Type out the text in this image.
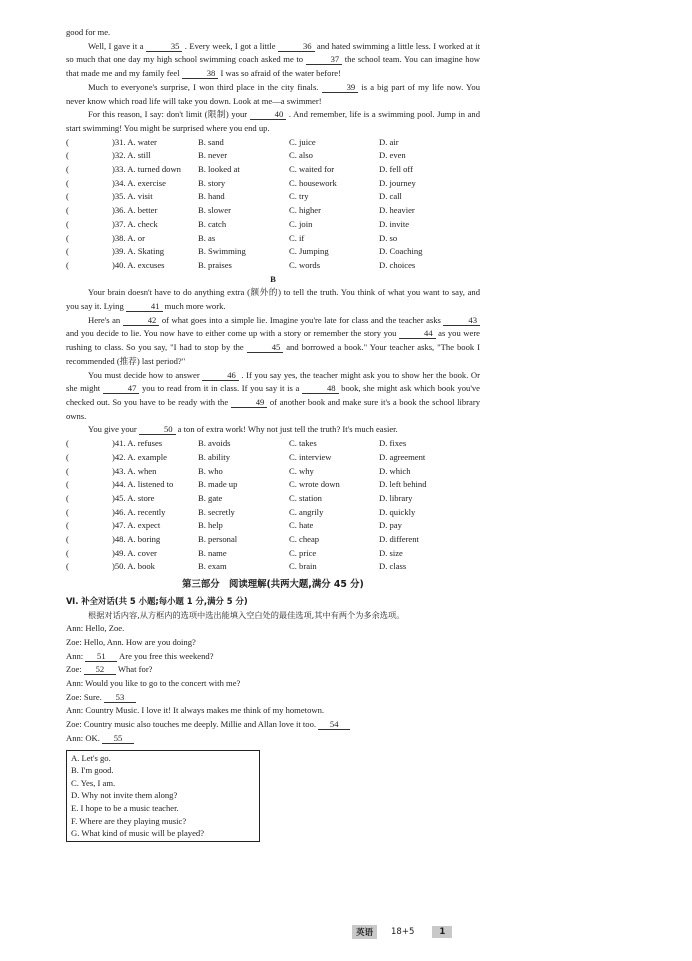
good for me.

Well, I gave it a	35 . Every week, I got a little	36 and hated swimming a little less. I worked at it so much that one day my high school swimming coach asked me to	37 the school team. You can imagine how that made me and my family feel	38 I was so afraid of the water before!

Much to everyone's surprise, I won third place in the city finals.	39 is a big part of my life now. You never know which road life will take you down. Look at me—a swimmer!

For this reason, I say: don't limit (限制) your	40 . And remember, life is a swimming pool. Jump in and start swimming! You might be surprised where you end up.

(	)31. A. water	B. sand	C. juice	D. air
(	)32. A. still	B. never	C. also	D. even
(	)33. A. turned down	B. looked at	C. waited for	D. fell off
(	)34. A. exercise	B. story	C. housework	D. journey
(	)35. A. visit	B. hand	C. try	D. call
(	)36. A. better	B. slower	C. higher	D. heavier
(	)37. A. check	B. catch	C. join	D. invite
(	)38. A. or	B. as	C. if	D. so
(	)39. A. Skating	B. Swimming	C. Jumping	D. Coaching
(	)40. A. excuses	B. praises	C. words	D. choices
B

Your brain doesn't have to do anything extra (额外的) to tell the truth. You think of what you want to say, and you say it. Lying	41 much more work.

Here's an	42 of what goes into a simple lie. Imagine you're late for class and the teacher asks	43 and you decide to lie. You now have to either come up with a story or remember the story you	44 as you were rushing to class. So you say, "I had to stop by the	45 and borrowed a book." Your teacher asks, "The book I recommended (推荐) last period?"

You must decide how to answer	46 . If you say yes, the teacher might ask you to show her the book. Or she might	47 you to read from it in class. If you say it is a	48 book, she might ask which book you've checked out. So you have to be ready with the	49 of another book and make sure it's a book the school library owns.

You give your	50 a ton of extra work! Why not just tell the truth? It's much easier.

(	)41. A. refuses	B. avoids	C. takes	D. fixes
(	)42. A. example	B. ability	C. interview	D. agreement
(	)43. A. when	B. who	C. why	D. which
(	)44. A. listened to	B. made up	C. wrote down	D. left behind
(	)45. A. store	B. gate	C. station	D. library
(	)46. A. recently	B. secretly	C. angrily	D. quickly
(	)47. A. expect	B. help	C. hate	D. pay
(	)48. A. boring	B. personal	C. cheap	D. different
(	)49. A. cover	B. name	C. price	D. size
(	)50. A. book	B. exam	C. brain	D. class
第三部分　阅读理解(共两大题,满分 45 分)
Ⅵ. 补全对话(共 5 小题;每小题 1 分,满分 5 分)

根据对话内容,从方框内的选项中选出能填入空白处的最佳选项,其中有两个为多余选项。

Ann: Hello, Zoe.

Zoe: Hello, Ann. How are you doing?

Ann: 51 Are you free this weekend?

Zoe: 52 What for?

Ann: Would you like to go to the concert with me?

Zoe: Sure. 53

Ann: Country Music. I love it! It always makes me think of my hometown.

Zoe: Country music also touches me deeply. Millie and Allan love it too. 54

Ann: OK. 55

A. Let's go.
B. I'm good.
C. Yes, I am.
D. Why not invite them along?
E. I hope to be a music teacher.
F. Where are they playing music?
G. What kind of music will be played?
英语	18+5	1
